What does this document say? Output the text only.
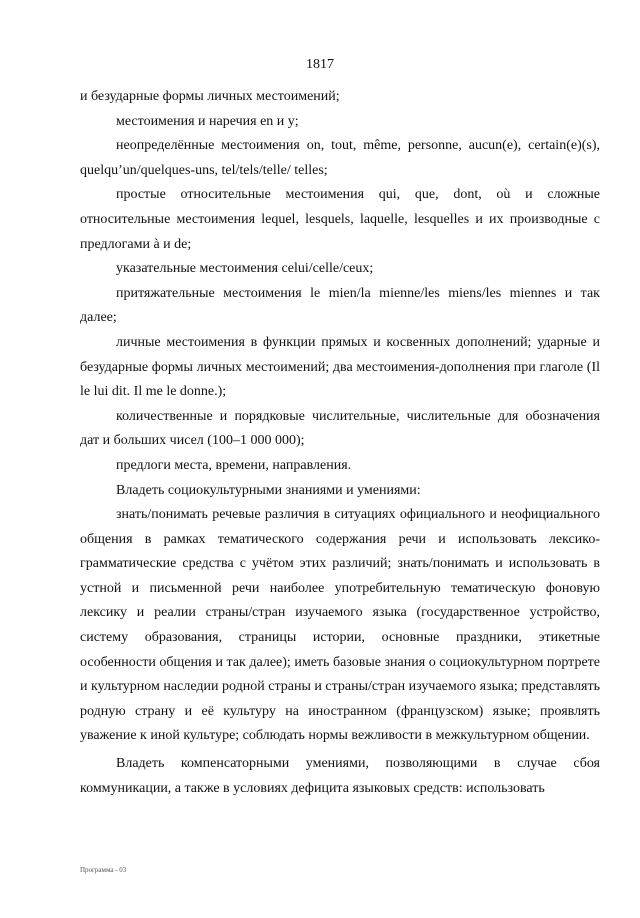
1817

и безударные формы личных местоимений;

местоимения и наречия en и y;

неопределённые местоимения on, tout, même, personne, aucun(e), certain(e)(s), quelqu’un/quelques-uns, tel/tels/telle/ telles;

простые относительные местоимения qui, que, dont, où и сложные относительные местоимения lequel, lesquels, laquelle, lesquelles и их производные с предлогами à и de;

указательные местоимения celui/celle/ceux;

притяжательные местоимения le mien/la mienne/les miens/les miennes и так далее;

личные местоимения в функции прямых и косвенных дополнений; ударные и безударные формы личных местоимений; два местоимения-дополнения при глаголе (Il le lui dit. Il me le donne.);

количественные и порядковые числительные, числительные для обозначения дат и больших чисел (100–1 000 000);

предлоги места, времени, направления.

Владеть социокультурными знаниями и умениями:

знать/понимать речевые различия в ситуациях официального и неофициального общения в рамках тематического содержания речи и использовать лексико-грамматические средства с учётом этих различий; знать/понимать и использовать в устной и письменной речи наиболее употребительную тематическую фоновую лексику и реалии страны/стран изучаемого языка (государственное устройство, систему образования, страницы истории, основные праздники, этикетные особенности общения и так далее); иметь базовые знания о социокультурном портрете и культурном наследии родной страны и страны/стран изучаемого языка; представлять родную страну и её культуру на иностранном (французском) языке; проявлять уважение к иной культуре; соблюдать нормы вежливости в межкультурном общении.

Владеть компенсаторными умениями, позволяющими в случае сбоя коммуникации, а также в условиях дефицита языковых средств: использовать

Программа - 03
